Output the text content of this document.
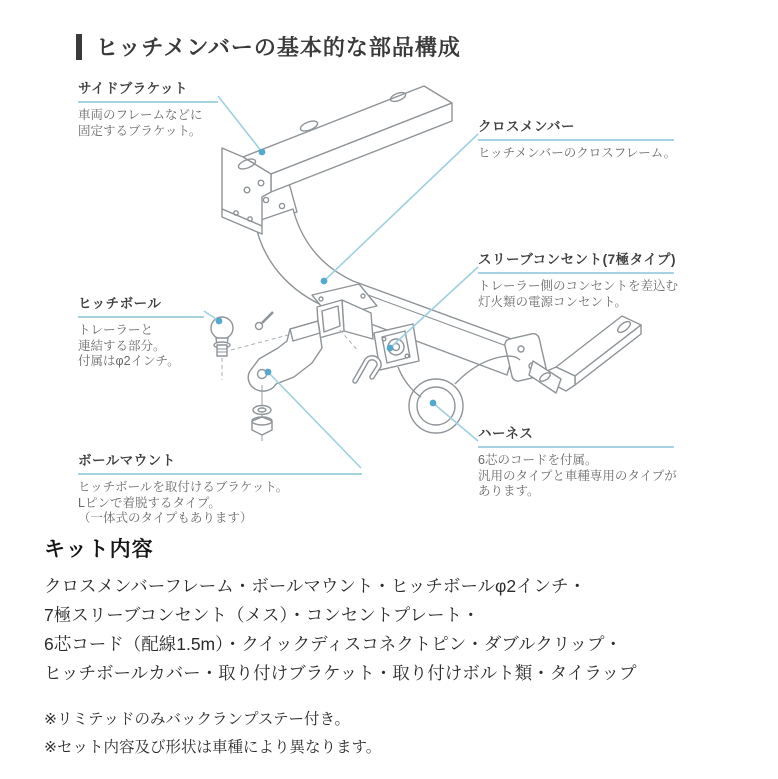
ヒッチメンバーの基本的な部品構成
サイドブラケット
車両のフレームなどに
固定するブラケット。	クロスメンバー
ヒッチメンバーのクロスフレーム。
スリーブコンセント(7極タイプ)
トレーラー側のコンセントを差込む
灯火類の電源コンセント。
ヒッチボール
トレーラーと
連結する部分。
付属はφ2インチ。
ハーネス
6芯のコードを付属。
汎用のタイプと車種専用のタイプが
あります。
ボールマウント
ヒッチボールを取付けるブラケット。
Lピンで着脱するタイプ。
（一体式のタイプもあります）
キット内容
クロスメンバーフレーム・ボールマウント・ヒッチボールφ2インチ・
7極スリーブコンセント（メス）・コンセントプレート・
6芯コード（配線1.5m）・クイックディスコネクトピン・ダブルクリップ・
ヒッチボールカバー・取り付けブラケット・取り付けボルト類・タイラップ
※リミテッドのみバックランプステー付き。
※セット内容及び形状は車種により異なります。
